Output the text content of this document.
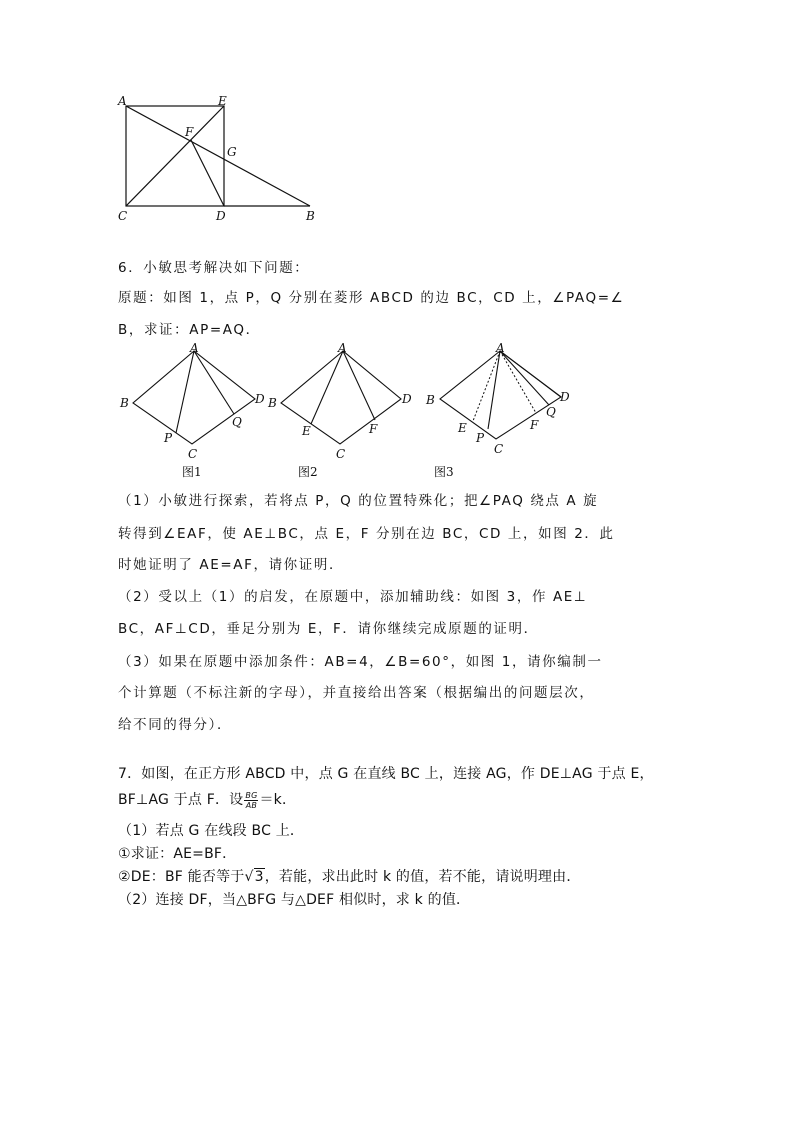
A	E
F
G
C	D	B
6．小敏思考解决如下问题：
原题：如图 1，点 P，Q 分别在菱形 ABCD 的边 BC，CD 上，∠PAQ=∠
B，求证：AP=AQ．
A
B
C
D
P
Q
图1
A
B
C
D
E	F
图2
A
B
C
D
E
P
F
Q
图3
（1）小敏进行探索，若将点 P，Q 的位置特殊化；把∠PAQ 绕点 A 旋
转得到∠EAF，使 AE⊥BC，点 E，F 分别在边 BC，CD 上，如图 2．此
时她证明了 AE=AF，请你证明．
（2）受以上（1）的启发，在原题中，添加辅助线：如图 3，作 AE⊥
BC，AF⊥CD，垂足分别为 E，F．请你继续完成原题的证明．
（3）如果在原题中添加条件：AB=4，∠B=60°，如图 1，请你编制一
个计算题（不标注新的字母），并直接给出答案（根据编出的问题层次，
给不同的得分）．
7．如图，在正方形 ABCD 中，点 G 在直线 BC 上，连接 AG，作 DE⊥AG 于点 E，
BF⊥AG 于点 F．设 $\frac{BG}{AB} =k$．
（1）若点 G 在线段 BC 上．
①求证：AE=BF．
②DE：BF 能否等于√3，若能，求出此时 k 的值，若不能，请说明理由．
（2）连接 DF，当△BFG 与△DEF 相似时，求 k 的值．
